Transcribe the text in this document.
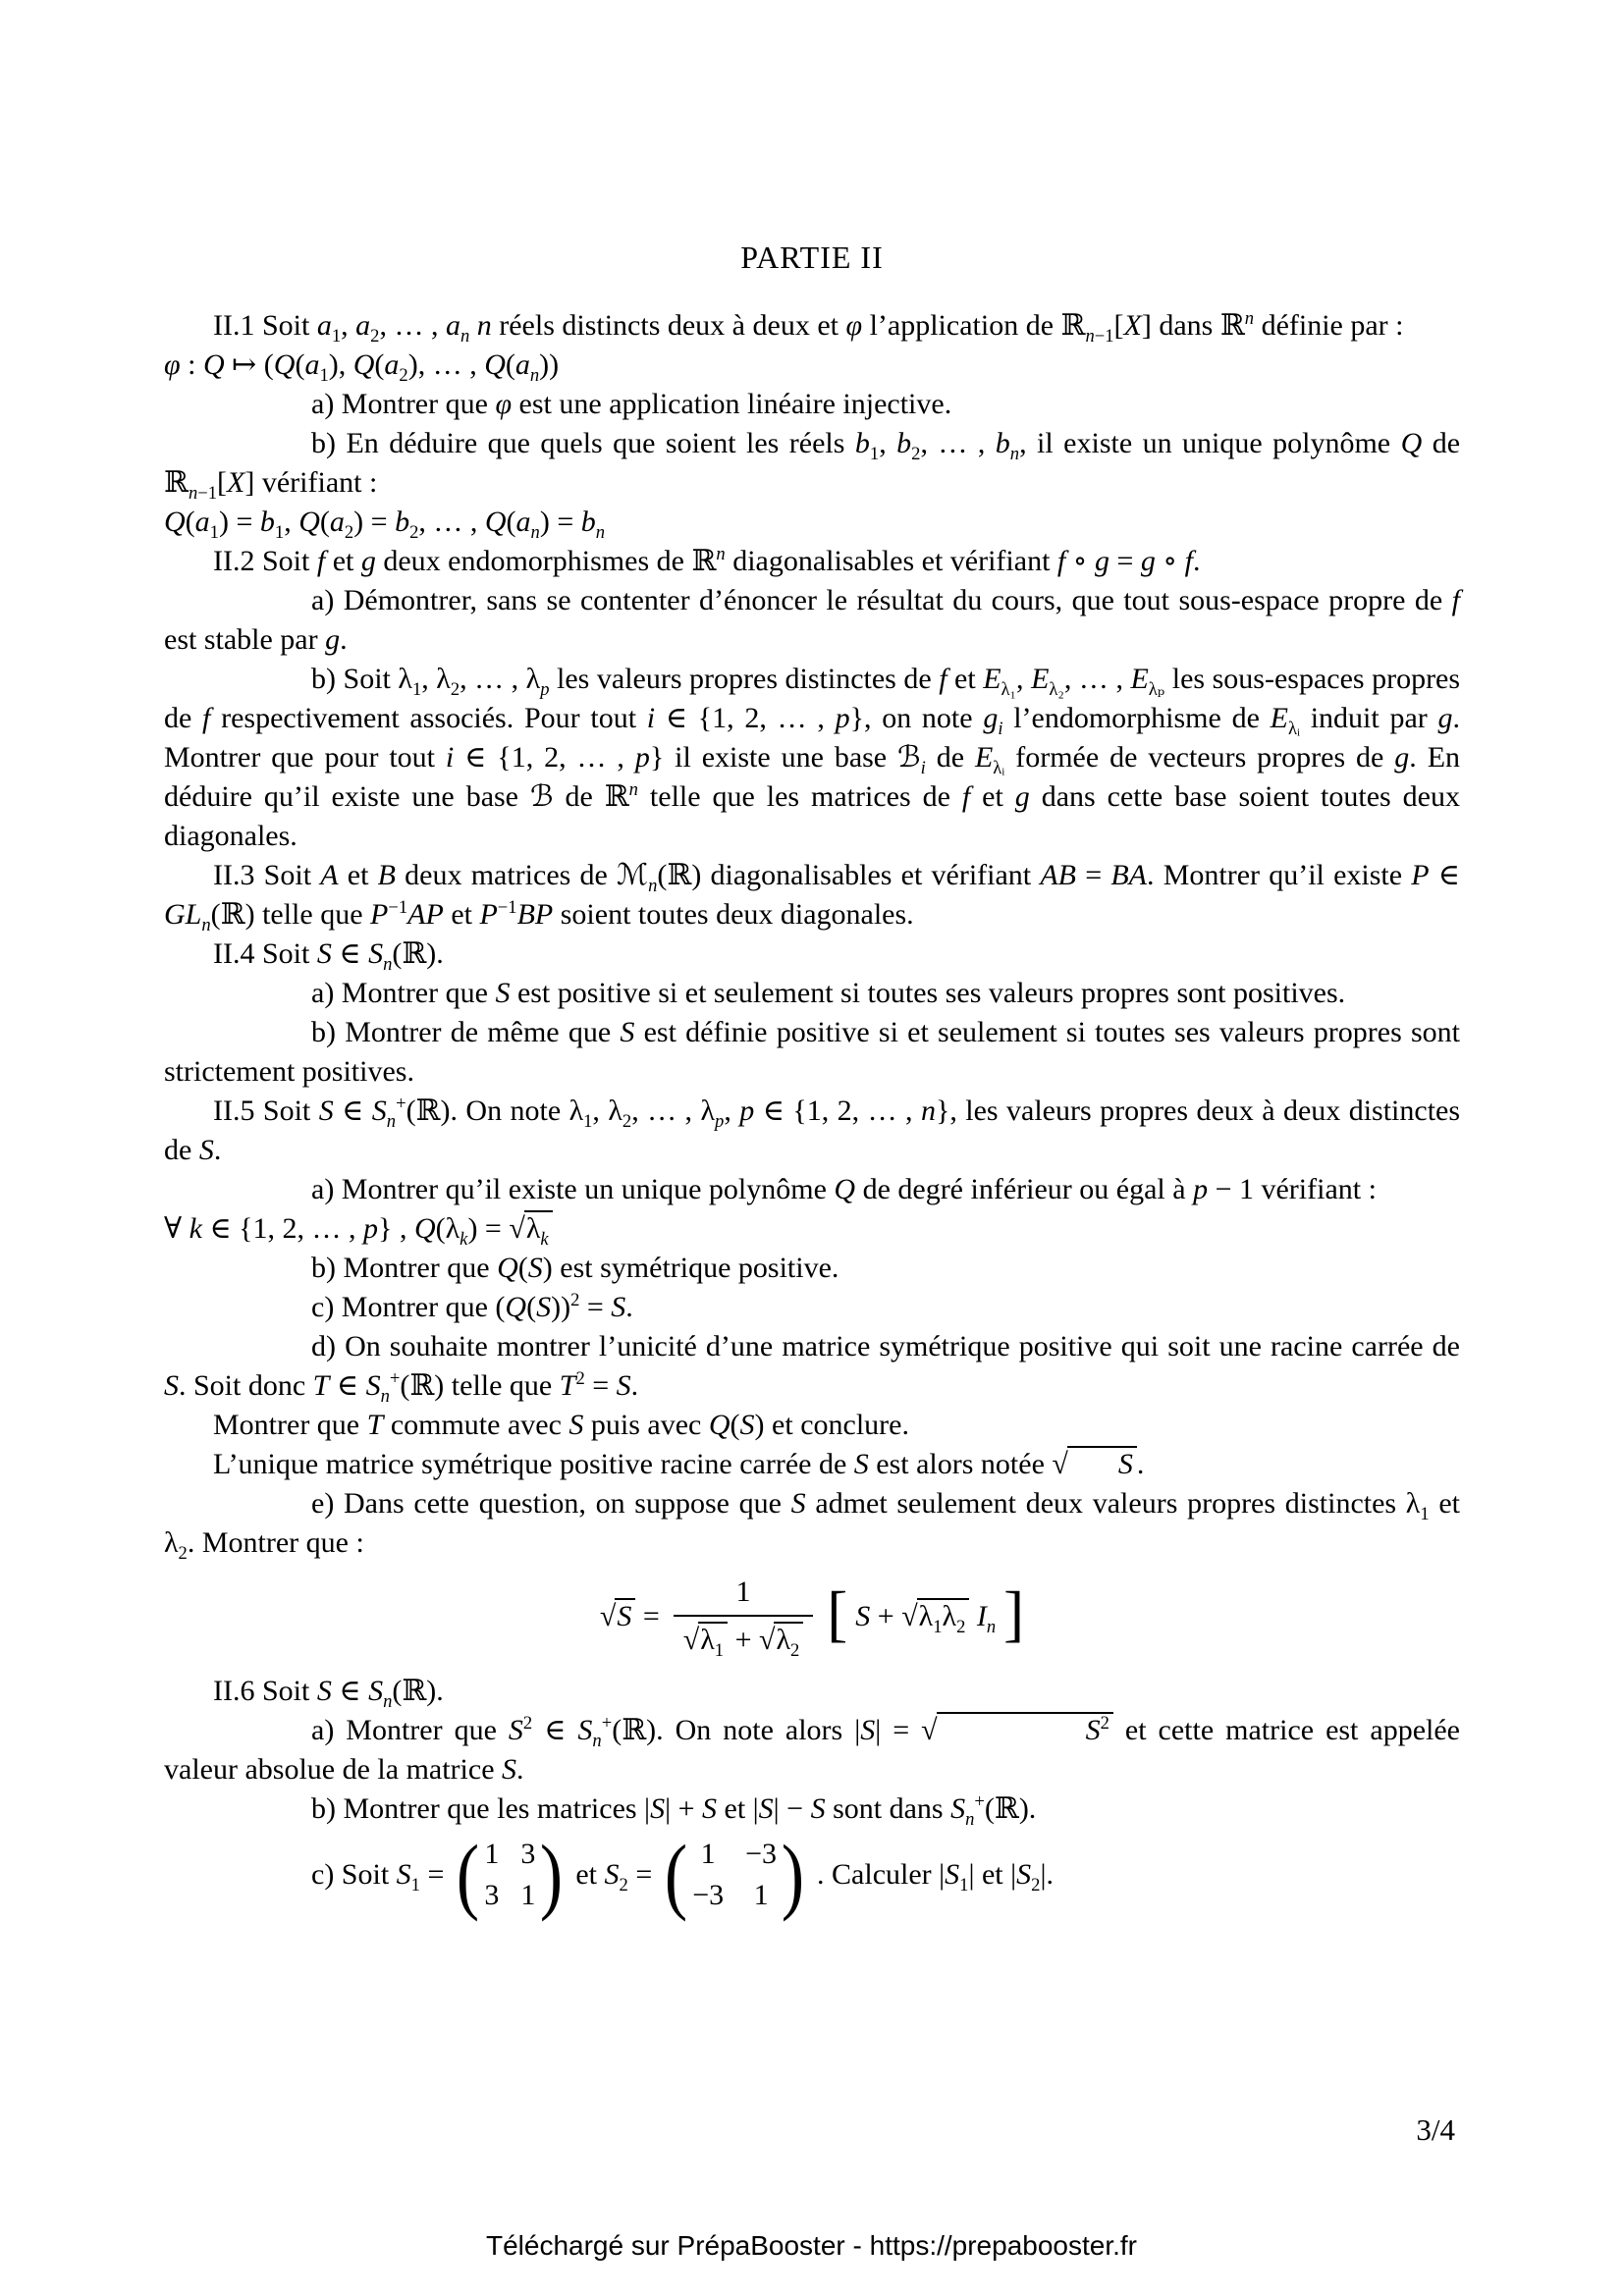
PARTIE II

II.1 Soit $a_1$, $a_2$, … , $a_n$ n réels distincts deux à deux et φ l’application de ℝ$_{n-1}$[X] dans ℝ$^n$ définie par :

φ : Q ↦ ($Q(a_1)$, $Q(a_2)$, … , $Q(a_n)$)

a) Montrer que φ est une application linéaire injective.

b) En déduire que quels que soient les réels $b_1$, $b_2$, … , $b_n$, il existe un unique polynôme Q de ℝ$_{n-1}$[X] vérifiant :

$Q(a_1) = b_1$, $Q(a_2) = b_2$, … , $Q(a_n) = b_n$

II.2 Soit f et g deux endomorphismes de ℝ$^n$ diagonalisables et vérifiant f ∘ g = g ∘ f.

a) Démontrer, sans se contenter d’énoncer le résultat du cours, que tout sous-espace propre de f est stable par g.

b) Soit $\lambda_1$, $\lambda_2$, … , $\lambda_p$ les valeurs propres distinctes de f et $E_{\lambda_1}$, $E_{\lambda_2}$, … , $E_{\lambda_p}$ les sous-espaces propres de f respectivement associés. Pour tout i ∈ {1, 2, … , p}, on note $g_i$ l’endomorphisme de $E_{\lambda ᵢ}$ induit par g. Montrer que pour tout i ∈ {1, 2, … , p} il existe une base ℬ$_i$ de $E_{\lambda ᵢ}$ formée de vecteurs propres de g. En déduire qu’il existe une base ℬ de ℝ$^n$ telle que les matrices de f et g dans cette base soient toutes deux diagonales.

II.3 Soit A et B deux matrices de ℳ$_n$(ℝ) diagonalisables et vérifiant AB = BA. Montrer qu’il existe P ∈ $GL_n(ℝ)$ telle que $P^{-1}AP$ et $P^{-1}BP$ soient toutes deux diagonales.

II.4 Soit S ∈ $S_n(ℝ)$.

a) Montrer que S est positive si et seulement si toutes ses valeurs propres sont positives.

b) Montrer de même que S est définie positive si et seulement si toutes ses valeurs propres sont strictement positives.

II.5 Soit S ∈ $S_n^+(ℝ)$. On note $\lambda_1$, $\lambda_2$, … , $\lambda_p$, p ∈ {1, 2, … , n}, les valeurs propres deux à deux distinctes de S.

a) Montrer qu’il existe un unique polynôme Q de degré inférieur ou égal à p − 1 vérifiant :

∀ k ∈ {1, 2, … , p} , $Q(\lambda_k) = √\lambda_k$

b) Montrer que Q(S) est symétrique positive.

c) Montrer que $(Q(S))^2 = S$.

d) On souhaite montrer l’unicité d’une matrice symétrique positive qui soit une racine carrée de S. Soit donc T ∈ $S_n^+(ℝ)$ telle que $T^2 = S$.

Montrer que T commute avec S puis avec Q(S) et conclure.

L’unique matrice symétrique positive racine carrée de S est alors notée √ S .

e) Dans cette question, on suppose que S admet seulement deux valeurs propres distinctes $\lambda_1$ et $\lambda_2$. Montrer que :

$√S = \frac{1}{√\lambda_1 + √\lambda_2}$ [ $S + √\lambda_1\lambda_2$ $I_n$ ]

II.6 Soit S ∈ $S_n(ℝ)$.

a) Montrer que $S^2$ ∈ $S_n^+(ℝ)$. On note alors |S| = √	$S^2$ et cette matrice est appelée valeur absolue de la matrice S.

b) Montrer que les matrices |S| + S et |S| − S sont dans $S_n^+(ℝ)$.

c) Soit $S_1$ = ( 1 3
3 1 ) et $S_2$ = ( 1 −3
−3 1 ) . Calculer $|S_1|$ et $|S_2|$.
3/4
Téléchargé sur PrépaBooster - https://prepabooster.fr
